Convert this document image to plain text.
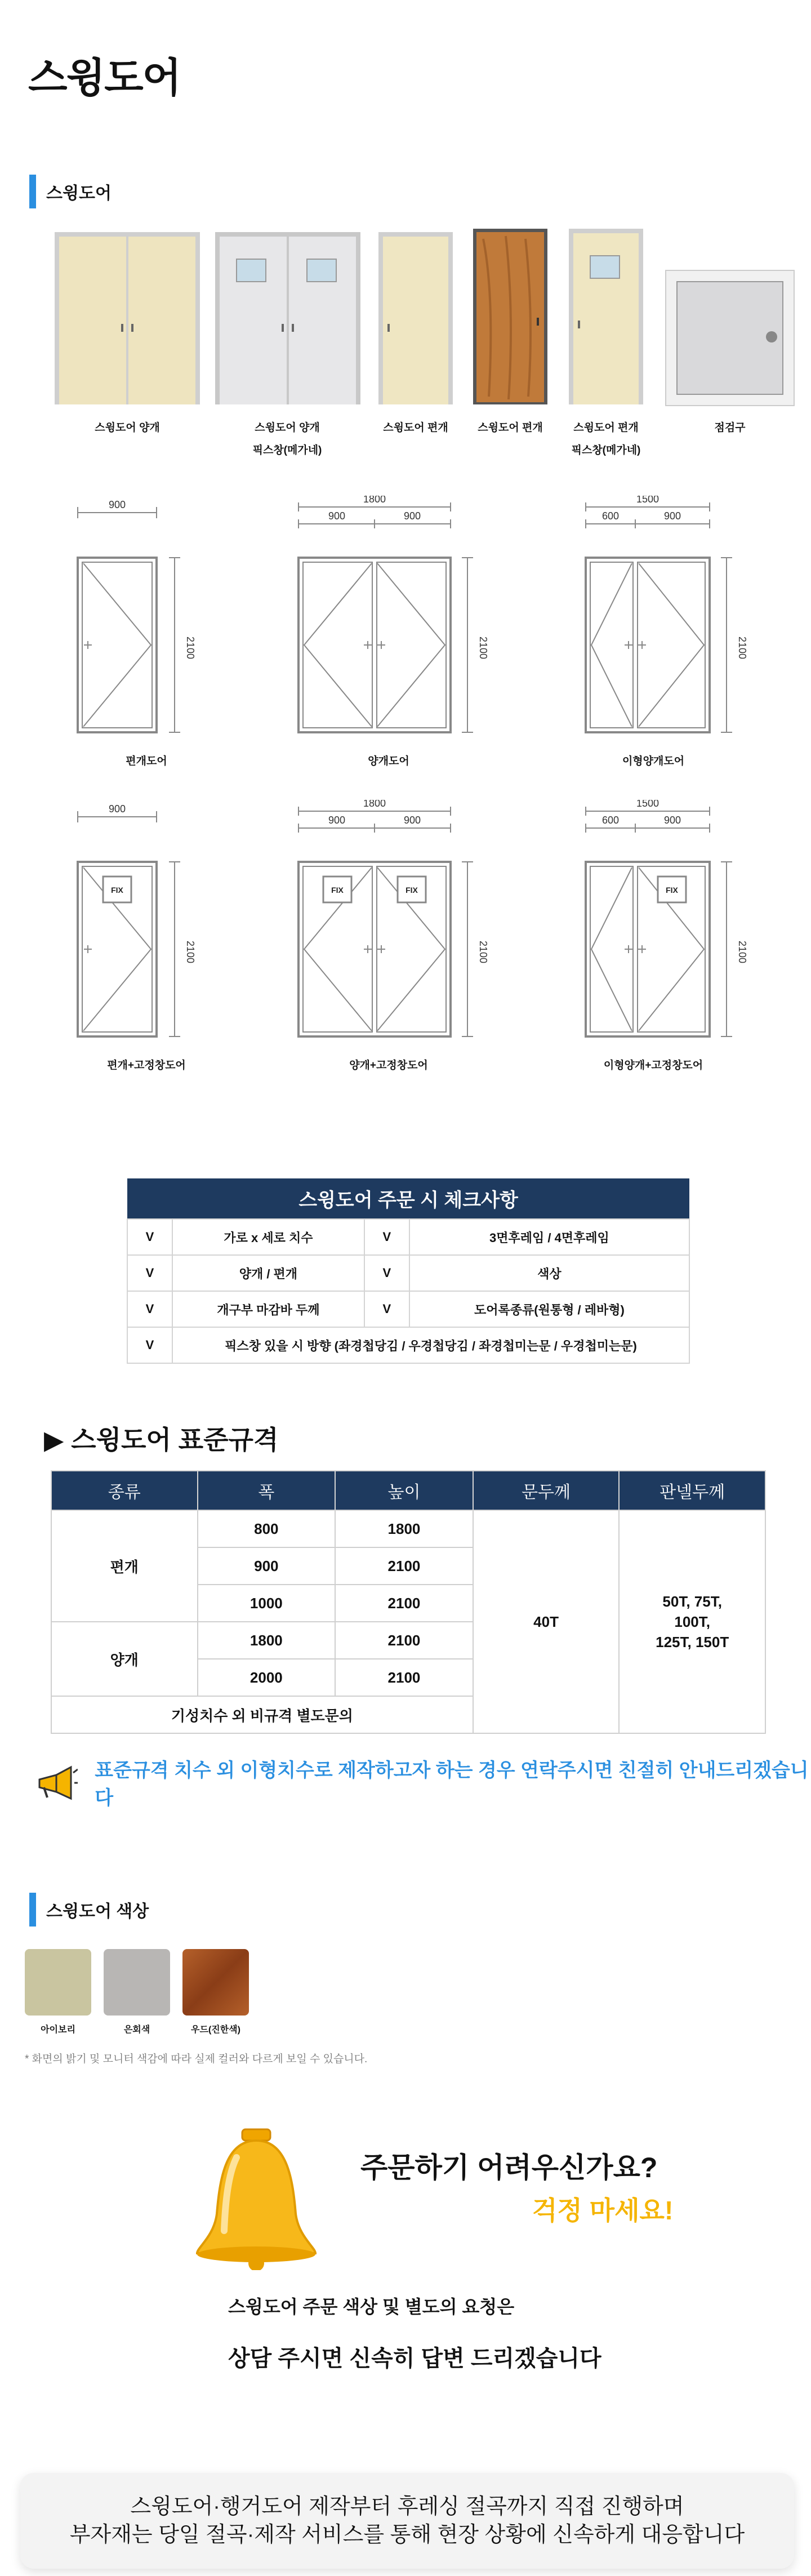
스윙도어
스윙도어
스윙도어 양개	스윙도어 양개
픽스창(메가네)
스윙도어 편개	스윙도어 편개	스윙도어 편개
픽스창(메가네)
점검구
900
2100
1800
900	900
2100
1500
600	900
2100
편개도어	양개도어	이형양개도어
FIX
900
2100
FIX	FIX
1800
900	900
2100
FIX
1500
600	900
2100
편개+고정창도어	양개+고정창도어	이형양개+고정창도어
스윙도어 주문 시 체크사항			
V	가로 x 세로 치수	V	3면후레임 / 4면후레임
V	양개 / 편개	V	색상
V	개구부 마감바 두께	V	도어록종류(원통형 / 레바형)
V	픽스창 있을 시 방향 (좌경첩당김 / 우경첩당김 / 좌경첩미는문 / 우경첩미는문)		
▶ 스윙도어 표준규격
종류	폭	높이	문두께	판넬두께
편개	800	1800	40T	50T, 75T,
100T,
125T, 150T
	900	2100		
	1000	2100		
양개	1800	2100		
	2000	2100		
기성치수 외 비규격 별도문의				
표준규격 치수 외 이형치수로 제작하고자 하는 경우 연락주시면 친절히 안내드리겠습니다
스윙도어 색상
아이보리	은회색	우드(진한색)
* 화면의 밝기 및 모니터 색감에 따라 실제 컬러와 다르게 보일 수 있습니다.
주문하기 어려우신가요?
걱정 마세요!
스윙도어 주문 색상 및 별도의 요청은
상담 주시면 신속히 답변 드리겠습니다
스윙도어·행거도어 제작부터 후레싱 절곡까지 직접 진행하며
부자재는 당일 절곡·제작 서비스를 통해 현장 상황에 신속하게 대응합니다
